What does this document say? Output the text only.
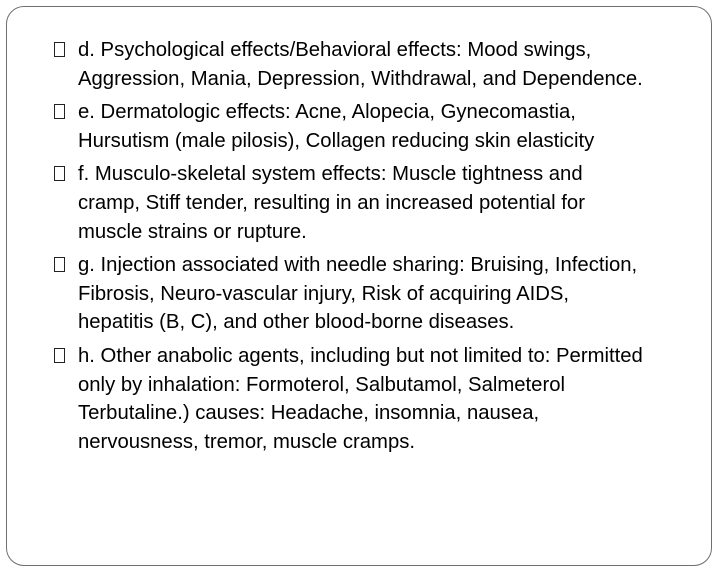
d. Psychological effects/Behavioral effects: Mood swings, Aggression, Mania, Depression, Withdrawal, and Dependence.
e. Dermatologic effects: Acne, Alopecia, Gynecomastia, Hursutism (male pilosis), Collagen reducing skin elasticity
f. Musculo-skeletal system effects: Muscle tightness and cramp, Stiff tender, resulting in an increased potential for muscle strains or rupture.
g. Injection associated with needle sharing: Bruising, Infection, Fibrosis, Neuro-vascular injury, Risk of acquiring AIDS, hepatitis (B, C), and other blood-borne diseases.
h. Other anabolic agents, including but not limited to: Permitted only by inhalation: Formoterol, Salbutamol, Salmeterol Terbutaline.) causes: Headache, insomnia, nausea, nervousness, tremor, muscle cramps.
